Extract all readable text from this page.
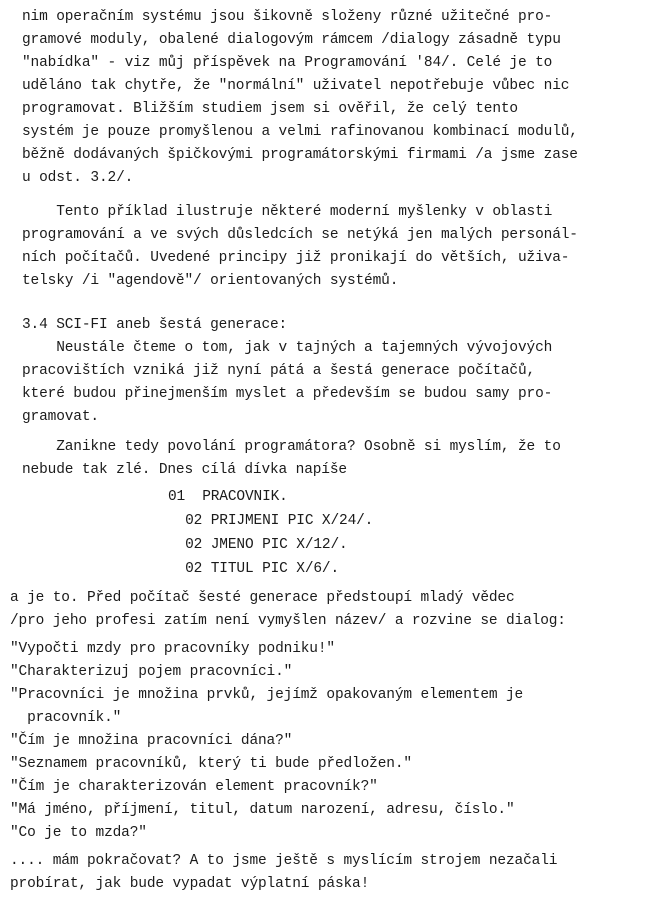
nim operačním systému jsou šikovně složeny různé užitečné pro-
gramové moduly, obalené dialogovým rámcem /dialogy zásadně typu
"nabídka" - viz můj příspěvek na Programování '84/. Celé je to
uděláno tak chytře, že "normální" uživatel nepotřebuje vůbec nic
programovat. Bližším studiem jsem si ověřil, že celý tento
systém je pouze promyšlenou a velmi rafinovanou kombinací modulů,
běžně dodávaných špičkovými programátorskými firmami /a jsme zase
u odst. 3.2/.
Tento příklad ilustruje některé moderní myšlenky v oblasti
programování a ve svých důsledcích se netýká jen malých personál-
ních počítačů. Uvedené principy již pronikají do větších, uživa-
telsky /i "agendově"/ orientovaných systémů.
3.4 SCI-FI aneb šestá generace:
Neustále čteme o tom, jak v tajných a tajemných vývojových
pracovištích vzniká již nyní pátá a šestá generace počítačů,
které budou přinejmenším myslet a především se budou samy pro-
gramovat.
Zanikne tedy povolání programátora? Osobně si myslím, že to
nebude tak zlé. Dnes cílá dívka napíše
01  PRACOVNIK.
02 PRIJMENI PIC X/24/.
02 JMENO PIC X/12/.
02 TITUL PIC X/6/.
a je to. Před počítač šesté generace předstoupí mladý vědec
/pro jeho profesi zatím není vymyšlen název/ a rozvine se dialog:
"Vypočti mzdy pro pracovníky podniku!"
"Charakterizuj pojem pracovníci."
"Pracovníci je množina prvků, jejímž opakovaným elementem je
pracovník."
"Čím je množina pracovníci dána?"
"Seznamem pracovníků, který ti bude předložen."
"Čím je charakterizován element pracovník?"
"Má jméno, příjmení, titul, datum narození, adresu, číslo."
"Co je to mzda?"
.... mám pokračovat? A to jsme ještě s myslícím strojem nezačali
probírat, jak bude vypadat výplatní páska!
